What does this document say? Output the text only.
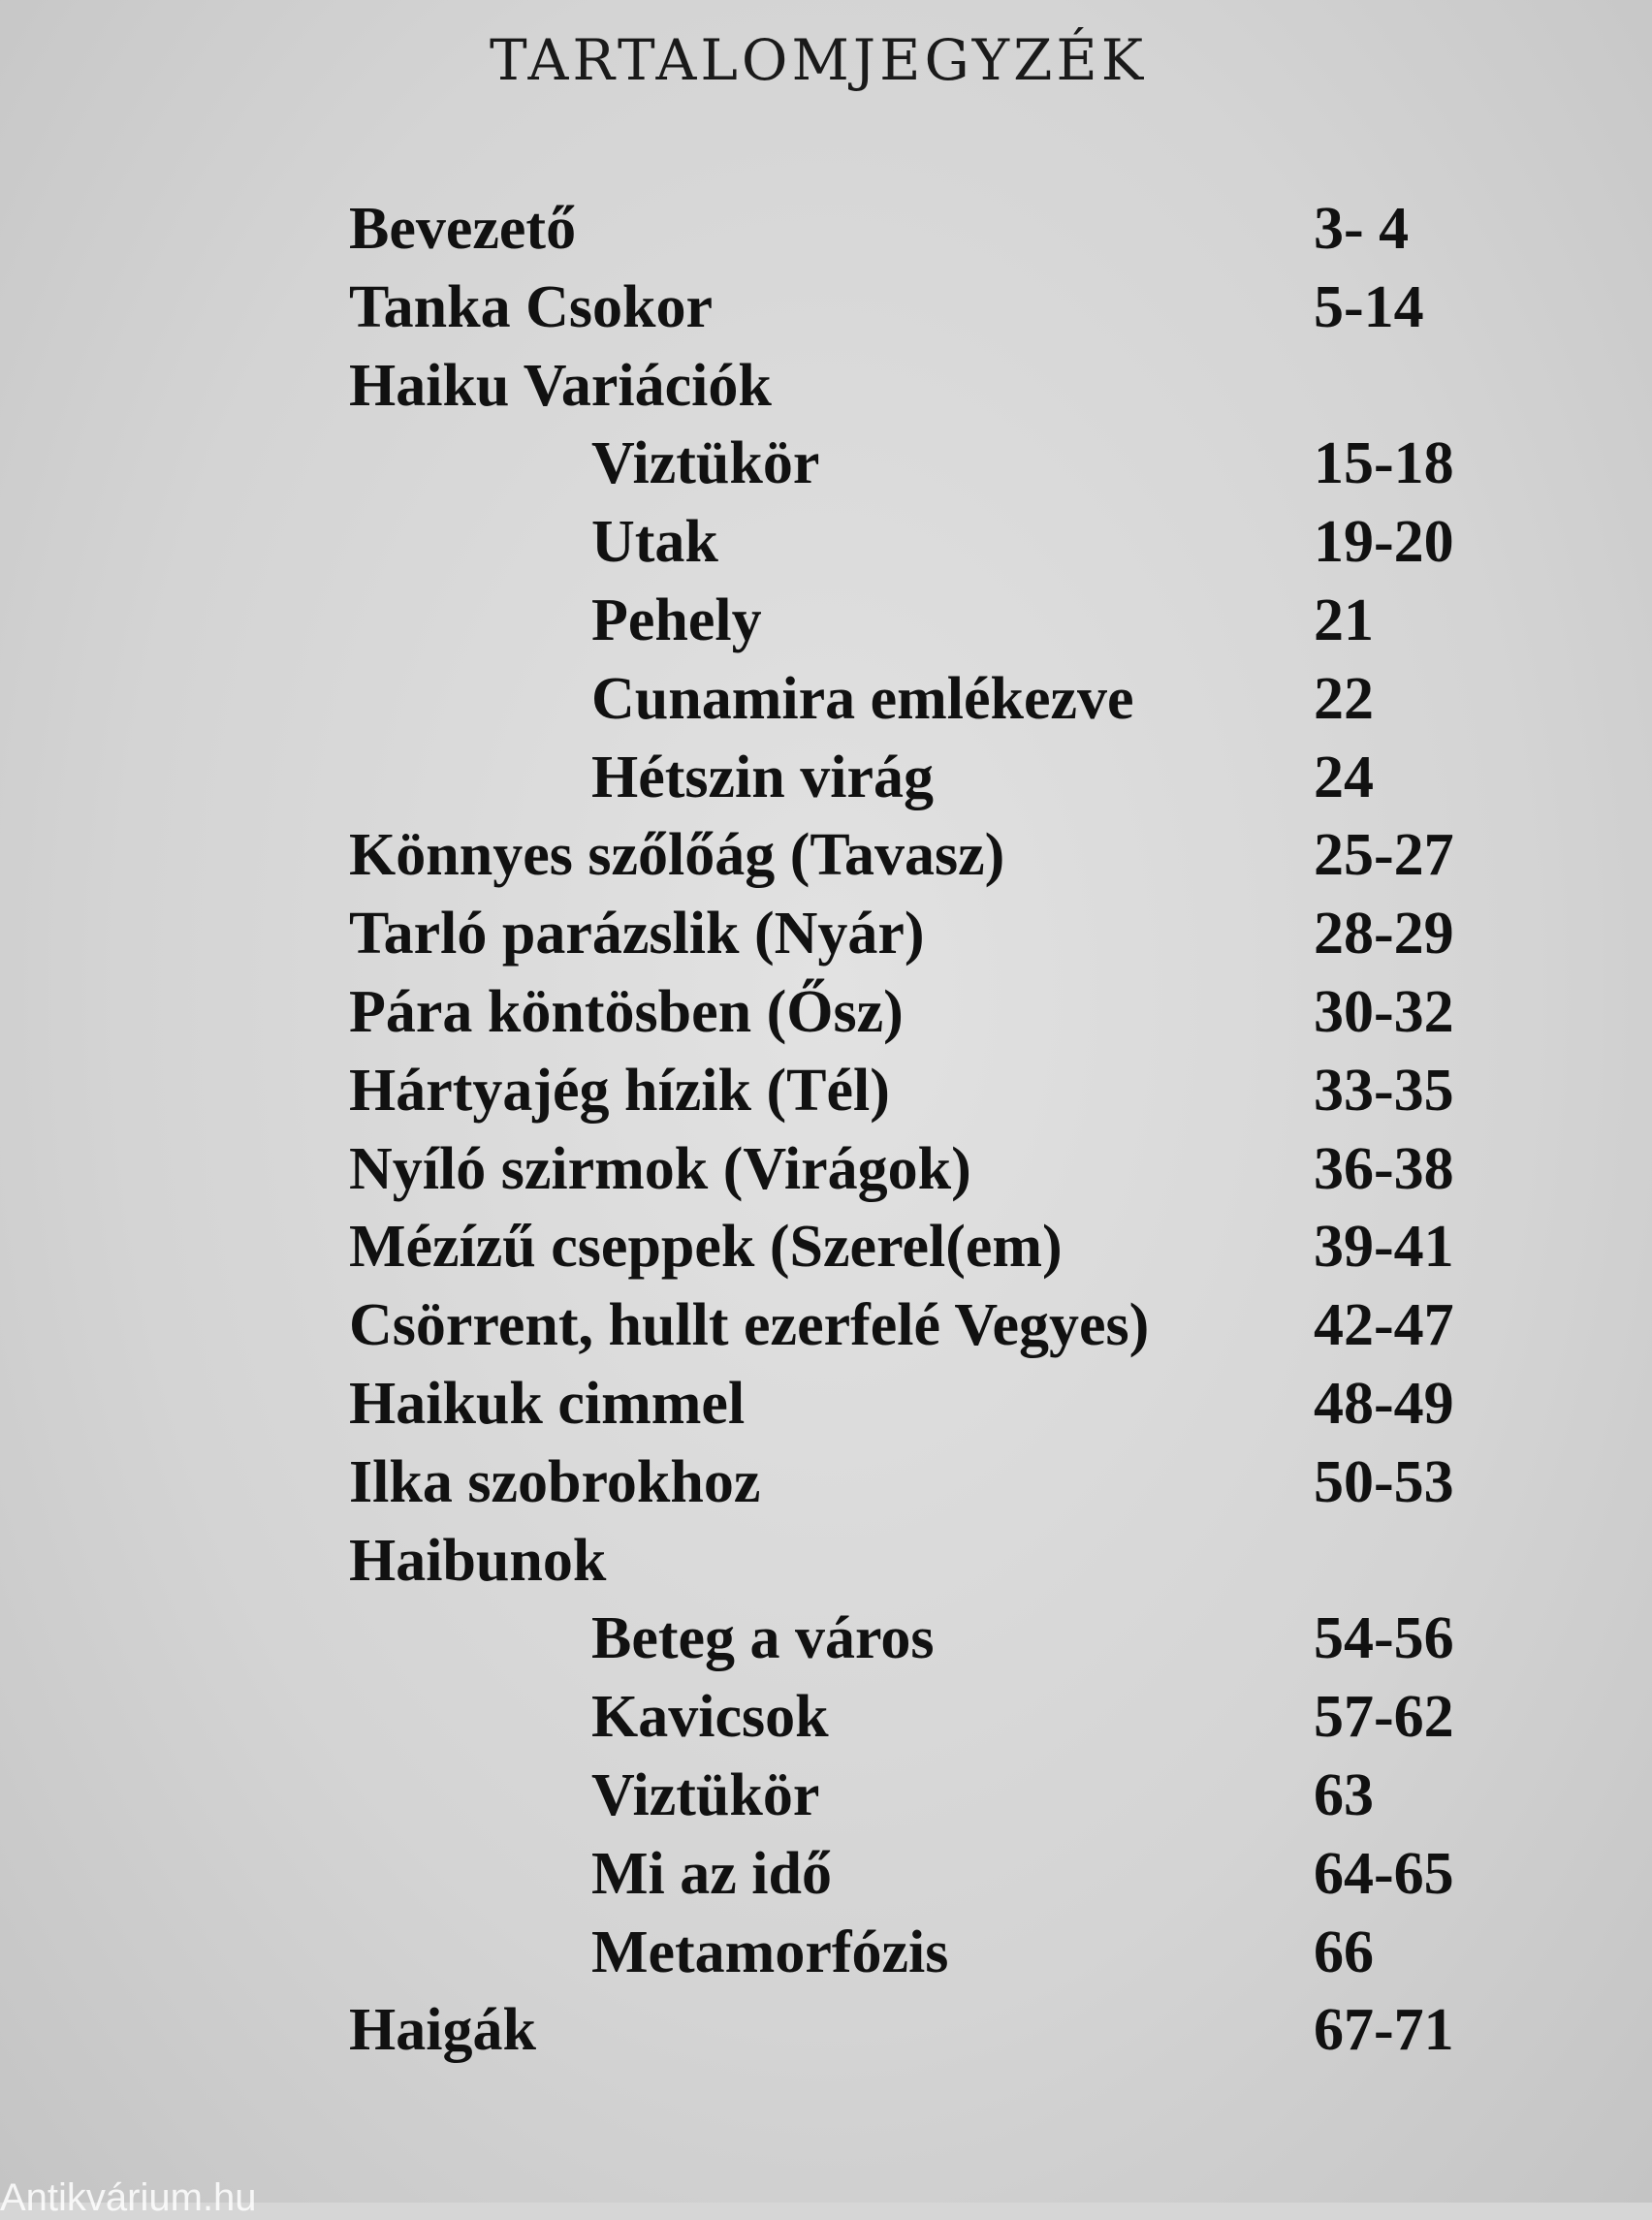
TARTALOMJEGYZÉK
Bevezető	3- 4
Tanka Csokor	5-14
Haiku Variációk
Viztükör	15-18
Utak	19-20
Pehely	21
Cunamira emlékezve	22
Hétszin virág	24
Könnyes szőlőág (Tavasz)	25-27
Tarló parázslik (Nyár)	28-29
Pára köntösben (Ősz)	30-32
Hártyajég hízik (Tél)	33-35
Nyíló szirmok (Virágok)	36-38
Mézízű cseppek (Szerel(em)	39-41
Csörrent, hullt ezerfelé Vegyes)	42-47
Haikuk cimmel	48-49
Ilka szobrokhoz	50-53
Haibunok
Beteg a város	54-56
Kavicsok	57-62
Viztükör	63
Mi az idő	64-65
Metamorfózis	66
Haigák	67-71
Antikvárium.hu
